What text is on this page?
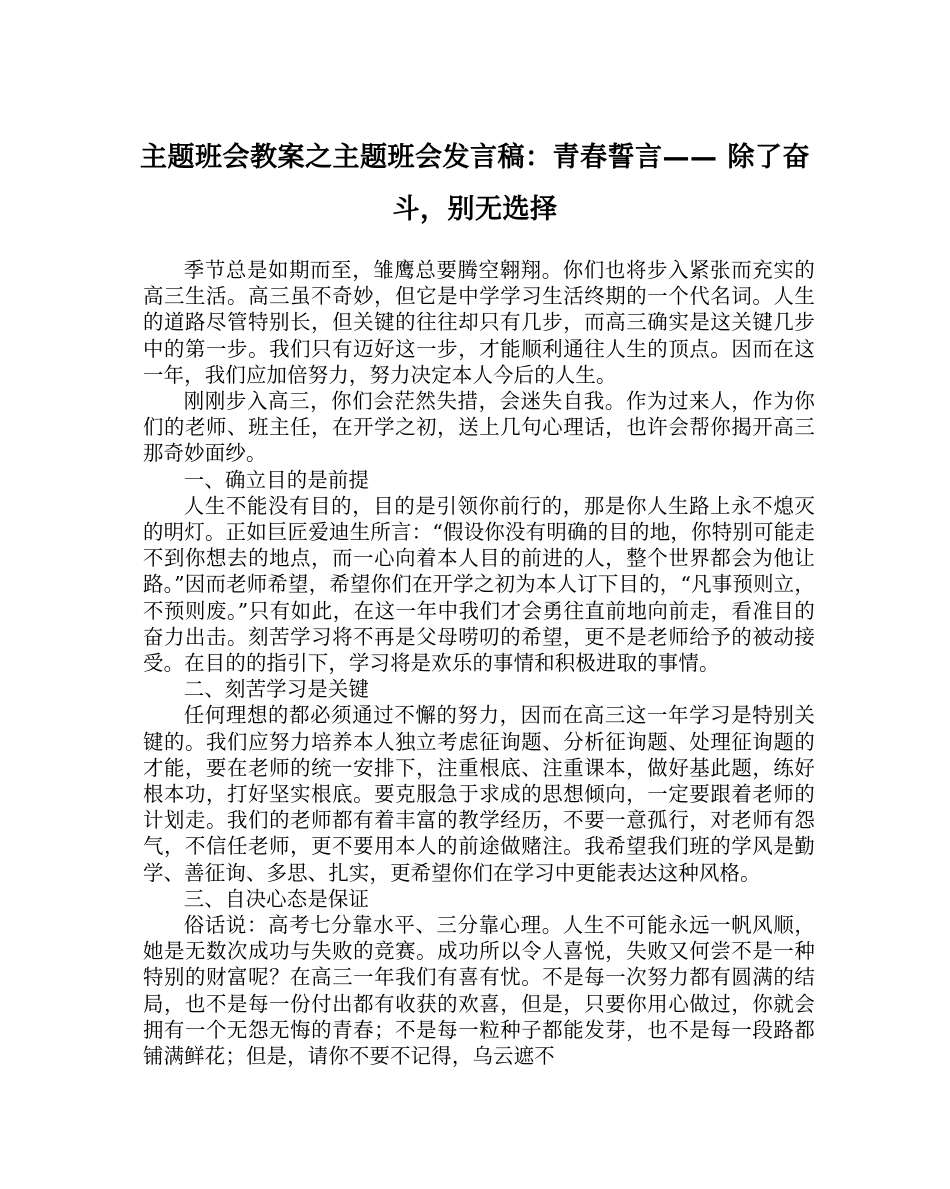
主题班会教案之主题班会发言稿：青春誓言—— 除了奋斗，别无选择

季节总是如期而至，雏鹰总要腾空翱翔。你们也将步入紧张而充实的高三生活。高三虽不奇妙，但它是中学学习生活终期的一个代名词。人生的道路尽管特别长，但关键的往往却只有几步，而高三确实是这关键几步中的第一步。我们只有迈好这一步，才能顺利通往人生的顶点。因而在这一年，我们应加倍努力，努力决定本人今后的人生。

刚刚步入高三，你们会茫然失措，会迷失自我。作为过来人，作为你们的老师、班主任，在开学之初，送上几句心理话，也许会帮你揭开高三那奇妙面纱。

一、确立目的是前提

人生不能没有目的，目的是引领你前行的，那是你人生路上永不熄灭的明灯。正如巨匠爱迪生所言：“假设你没有明确的目的地，你特别可能走不到你想去的地点，而一心向着本人目的前进的人，整个世界都会为他让路。”因而老师希望，希望你们在开学之初为本人订下目的，“凡事预则立，不预则废。”只有如此，在这一年中我们才会勇往直前地向前走，看准目的奋力出击。刻苦学习将不再是父母唠叨的希望，更不是老师给予的被动接受。在目的的指引下，学习将是欢乐的事情和积极进取的事情。

二、刻苦学习是关键

任何理想的都必须通过不懈的努力，因而在高三这一年学习是特别关键的。我们应努力培养本人独立考虑征询题、分析征询题、处理征询题的才能，要在老师的统一安排下，注重根底、注重课本，做好基此题，练好根本功，打好坚实根底。要克服急于求成的思想倾向，一定要跟着老师的计划走。我们的老师都有着丰富的教学经历，不要一意孤行，对老师有怨气，不信任老师，更不要用本人的前途做赌注。我希望我们班的学风是勤学、善征询、多思、扎实，更希望你们在学习中更能表达这种风格。

三、自决心态是保证

俗话说：高考七分靠水平、三分靠心理。人生不可能永远一帆风顺，她是无数次成功与失败的竞赛。成功所以令人喜悦，失败又何尝不是一种特别的财富呢？在高三一年我们有喜有忧。不是每一次努力都有圆满的结局，也不是每一份付出都有收获的欢喜，但是，只要你用心做过，你就会拥有一个无怨无悔的青春；不是每一粒种子都能发芽，也不是每一段路都铺满鲜花；但是，请你不要不记得，乌云遮不
